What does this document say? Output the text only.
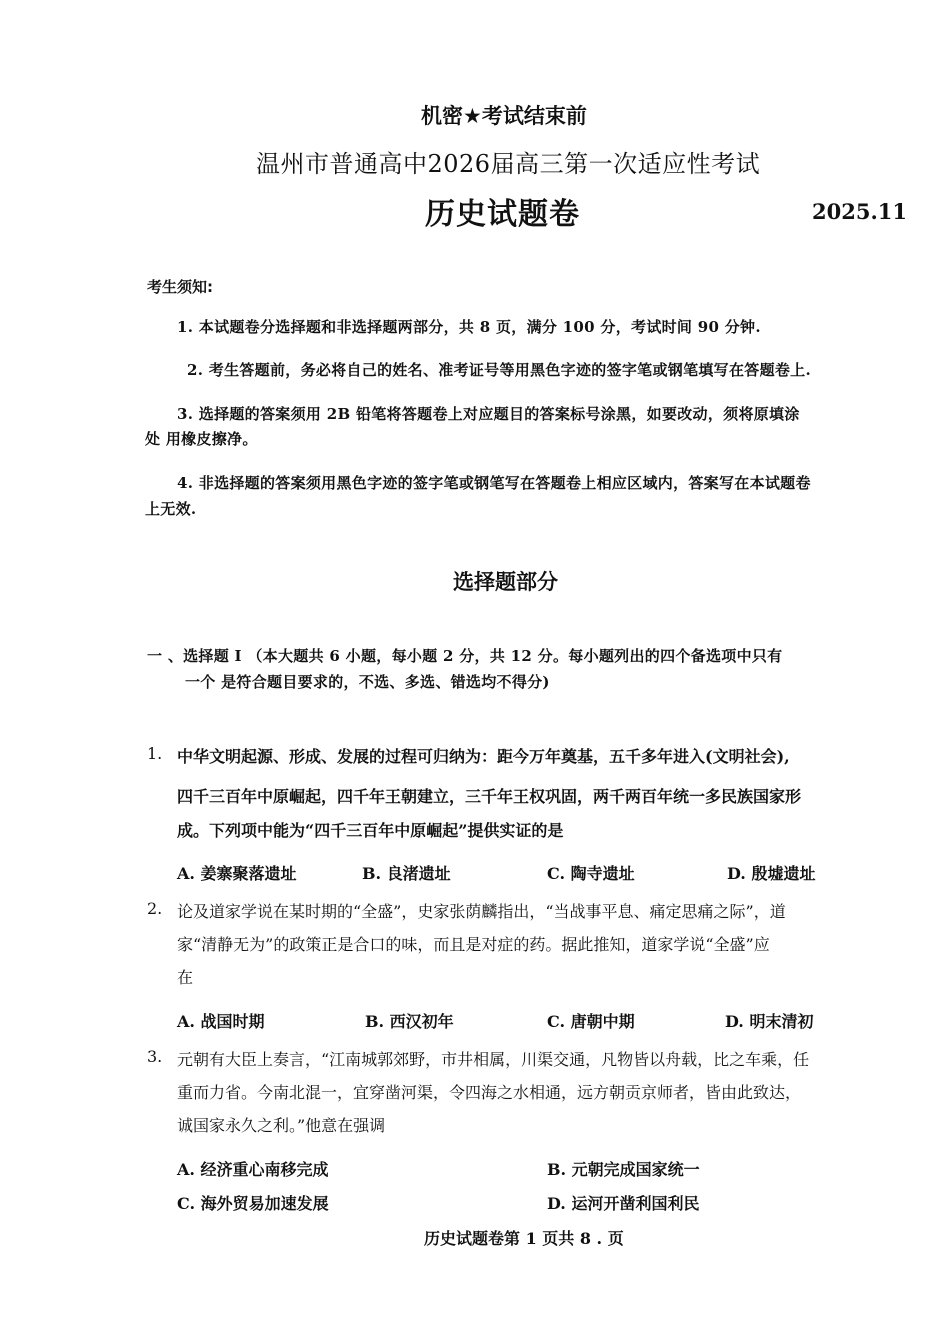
机密★考试结束前
温州市普通高中2026届高三第一次适应性考试
历史试题卷	2025.11
考生须知:
1. 本试题卷分选择题和非选择题两部分，共 8 页，满分 100 分，考试时间 90 分钟.
2. 考生答题前，务必将自己的姓名、准考证号等用黑色字迹的签字笔或钢笔填写在答题卷上.
3. 选择题的答案须用 2B 铅笔将答题卷上对应题目的答案标号涂黑，如要改动，须将原填涂
处 用橡皮擦净。
4. 非选择题的答案须用黑色字迹的签字笔或钢笔写在答题卷上相应区域内，答案写在本试题卷
上无效.
选择题部分
一 、选择题 I （本大题共 6 小题，每小题 2 分，共 12 分。每小题列出的四个备选项中只有
一个 是符合题目要求的，不选、多选、错选均不得分)
1. 中华文明起源、形成、发展的过程可归纳为：距今万年奠基，五千多年进入(文明社会),
四千三百年中原崛起，四千年王朝建立，三千年王权巩固，两千两百年统一多民族国家形
成。下列项中能为“四千三百年中原崛起”提供实证的是
A. 姜寨聚落遗址	B. 良渚遗址	C. 陶寺遗址	D. 殷墟遗址
2. 论及道家学说在某时期的“全盛”，史家张荫麟指出，“当战事平息、痛定思痛之际”，道
家“清静无为”的政策正是合口的味，而且是对症的药。据此推知，道家学说“全盛”应
在
A. 战国时期	B. 西汉初年	C. 唐朝中期	D. 明末清初
3. 元朝有大臣上奏言，“江南城郭郊野，市井相属，川渠交通，凡物皆以舟载，比之车乘，任
重而力省。今南北混一，宜穿凿河渠，令四海之水相通，远方朝贡京师者，皆由此致达，
诚国家永久之利。”他意在强调
A. 经济重心南移完成	B. 元朝完成国家统一
C. 海外贸易加速发展	D. 运河开凿利国利民
历史试题卷第 1 页共 8 . 页
